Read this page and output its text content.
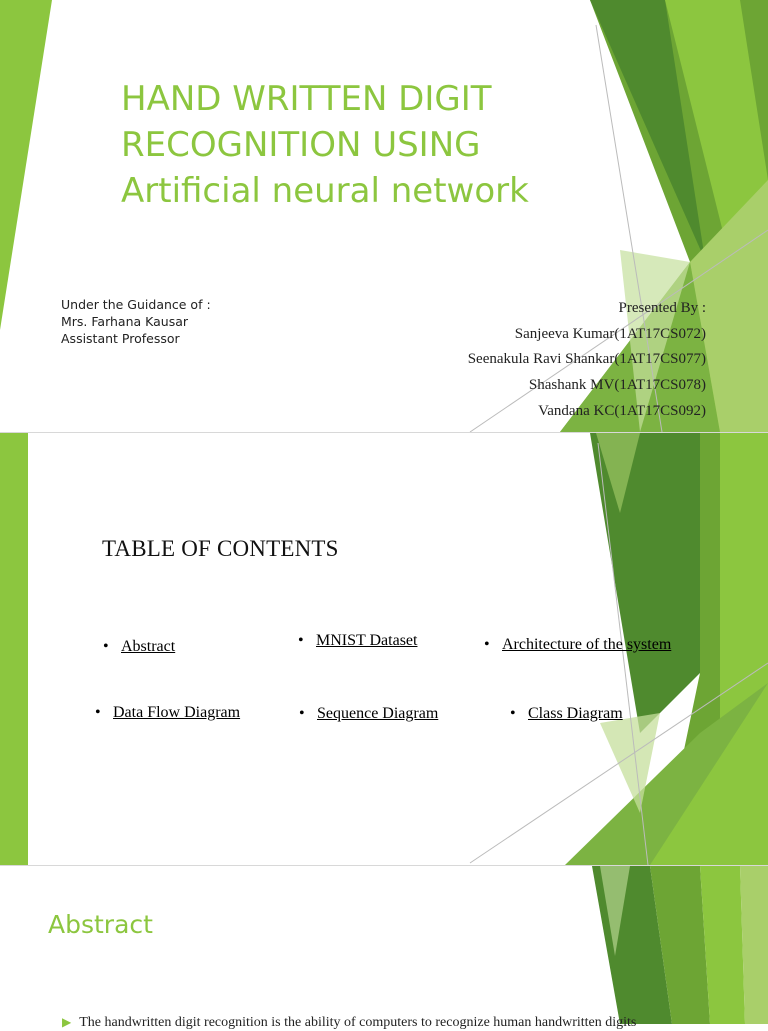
HAND WRITTEN DIGIT
RECOGNITION USING
Artificial neural network
Under the Guidance of :
Mrs. Farhana Kausar
Assistant Professor
Presented By :
Sanjeeva Kumar(1AT17CS072)
Seenakula Ravi Shankar(1AT17CS077)
Shashank MV(1AT17CS078)
Vandana KC(1AT17CS092)
TABLE OF CONTENTS
• Abstract	• MNIST Dataset	• Architecture of the system
• Data Flow Diagram	• Sequence Diagram	• Class Diagram
Abstract
▶ The handwritten digit recognition is the ability of computers to recognize human handwritten digits
